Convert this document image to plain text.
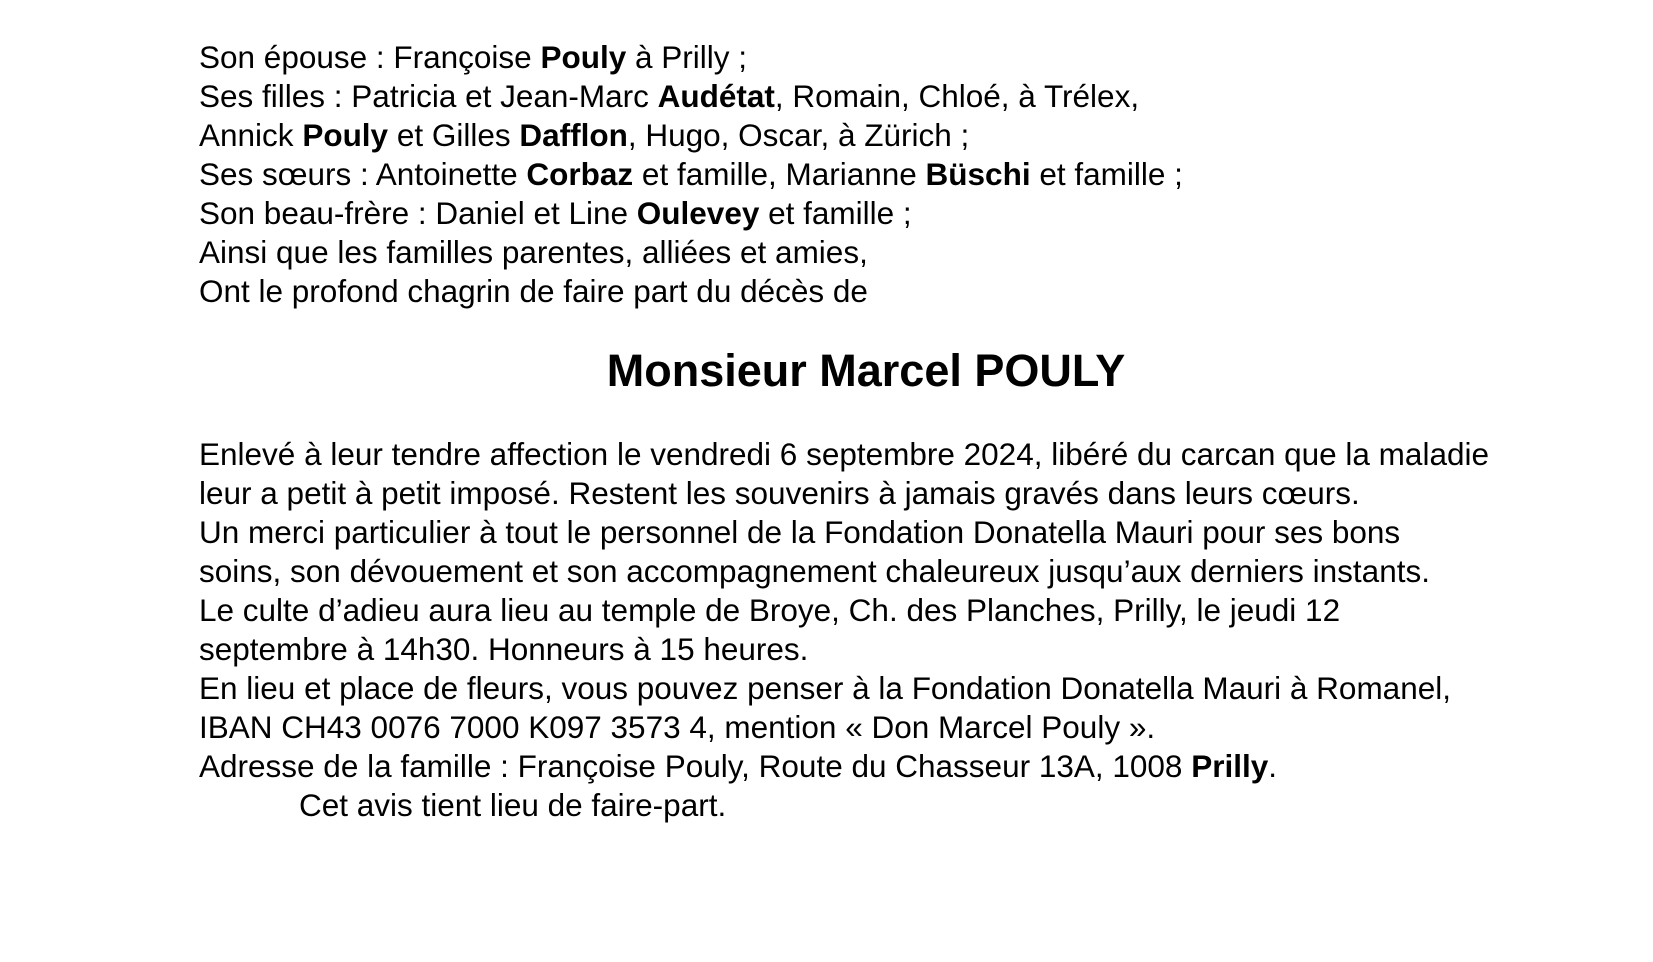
Son épouse : Françoise Pouly à Prilly ;
Ses filles : Patricia et Jean-Marc Audétat, Romain, Chloé, à Trélex,
Annick Pouly et Gilles Dafflon, Hugo, Oscar, à Zürich ;
Ses sœurs : Antoinette Corbaz et famille, Marianne Büschi et famille ;
Son beau-frère : Daniel et Line Oulevey et famille ;
Ainsi que les familles parentes, alliées et amies,
Ont le profond chagrin de faire part du décès de
Monsieur Marcel POULY
Enlevé à leur tendre affection le vendredi 6 septembre 2024, libéré du carcan que la maladie leur a petit à petit imposé. Restent les souvenirs à jamais gravés dans leurs cœurs.
Un merci particulier à tout le personnel de la Fondation Donatella Mauri pour ses bons soins, son dévouement et son accompagnement chaleureux jusqu’aux derniers instants.
Le culte d’adieu aura lieu au temple de Broye, Ch. des Planches, Prilly, le jeudi 12 septembre à 14h30. Honneurs à 15 heures.
En lieu et place de fleurs, vous pouvez penser à la Fondation Donatella Mauri à Romanel, IBAN CH43 0076 7000 K097 3573 4, mention « Don Marcel Pouly ».
Adresse de la famille : Françoise Pouly, Route du Chasseur 13A, 1008 Prilly.
Cet avis tient lieu de faire-part.
